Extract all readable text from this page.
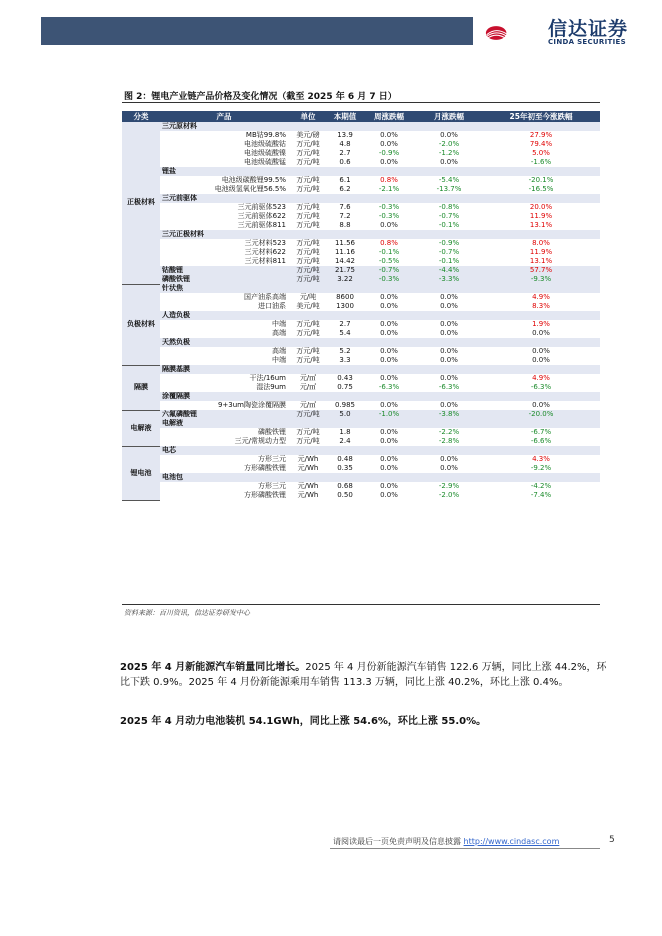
信达证券
CINDA SECURITIES
图 2：锂电产业链产品价格及变化情况（截至 2025 年 6 月 7 日）
分类	产品	单位	本期值	周涨跌幅	月涨跌幅	25年初至今涨跌幅
正极材料	三元原材料					
	MB钴99.8%	美元/磅	13.9	0.0%	0.0%	27.9%
	电池级硫酸钴	万元/吨	4.8	0.0%	-2.0%	79.4%
	电池级硫酸镍	万元/吨	2.7	-0.9%	-1.2%	5.0%
	电池级硫酸锰	万元/吨	0.6	0.0%	0.0%	-1.6%
	锂盐					
	电池级碳酸锂99.5%	万元/吨	6.1	0.8%	-5.4%	-20.1%
	电池级氢氧化锂56.5%	万元/吨	6.2	-2.1%	-13.7%	-16.5%
	三元前驱体					
	三元前驱体523	万元/吨	7.6	-0.3%	-0.8%	20.0%
	三元前驱体622	万元/吨	7.2	-0.3%	-0.7%	11.9%
	三元前驱体811	万元/吨	8.8	0.0%	-0.1%	13.1%
	三元正极材料					
	三元材料523	万元/吨	11.56	0.8%	-0.9%	8.0%
	三元材料622	万元/吨	11.16	-0.1%	-0.7%	11.9%
	三元材料811	万元/吨	14.42	-0.5%	-0.1%	13.1%
	钴酸锂	万元/吨	21.75	-0.7%	-4.4%	57.7%
	磷酸铁锂	万元/吨	3.22	-0.3%	-3.3%	-9.3%
负极材料	针状焦					
	国产油系高端	元/吨	8600	0.0%	0.0%	4.9%
	进口油系	美元/吨	1300	0.0%	0.0%	8.3%
	人造负极					
	中端	万元/吨	2.7	0.0%	0.0%	1.9%
	高端	万元/吨	5.4	0.0%	0.0%	0.0%
	天然负极					
	高端	万元/吨	5.2	0.0%	0.0%	0.0%
	中端	万元/吨	3.3	0.0%	0.0%	0.0%
隔膜	隔膜基膜					
	干法/16um	元/㎡	0.43	0.0%	0.0%	4.9%
	湿法9um	元/㎡	0.75	-6.3%	-6.3%	-6.3%
	涂覆隔膜					
	9+3um陶瓷涂覆隔膜	元/㎡	0.985	0.0%	0.0%	0.0%
电解液	六氟磷酸锂	万元/吨	5.0	-1.0%	-3.8%	-20.0%
	电解液					
	磷酸铁锂	万元/吨	1.8	0.0%	-2.2%	-6.7%
	三元/常规动力型	万元/吨	2.4	0.0%	-2.8%	-6.6%
锂电池	电芯					
	方形三元	元/Wh	0.48	0.0%	0.0%	4.3%
	方形磷酸铁锂	元/Wh	0.35	0.0%	0.0%	-9.2%
	电池包					
	方形三元	元/Wh	0.68	0.0%	-2.9%	-4.2%
	方形磷酸铁锂	元/Wh	0.50	0.0%	-2.0%	-7.4%
资料来源：百川资讯，信达证券研发中心
2025 年 4 月新能源汽车销量同比增长。2025 年 4 月份新能源汽车销售 122.6 万辆，同比上涨 44.2%，环比下跌 0.9%。2025 年 4 月份新能源乘用车销售 113.3 万辆，同比上涨 40.2%，环比上涨 0.4%。
2025 年 4 月动力电池装机 54.1GWh，同比上涨 54.6%，环比上涨 55.0%。
请阅读最后一页免责声明及信息披露 http://www.cindasc.com	5
